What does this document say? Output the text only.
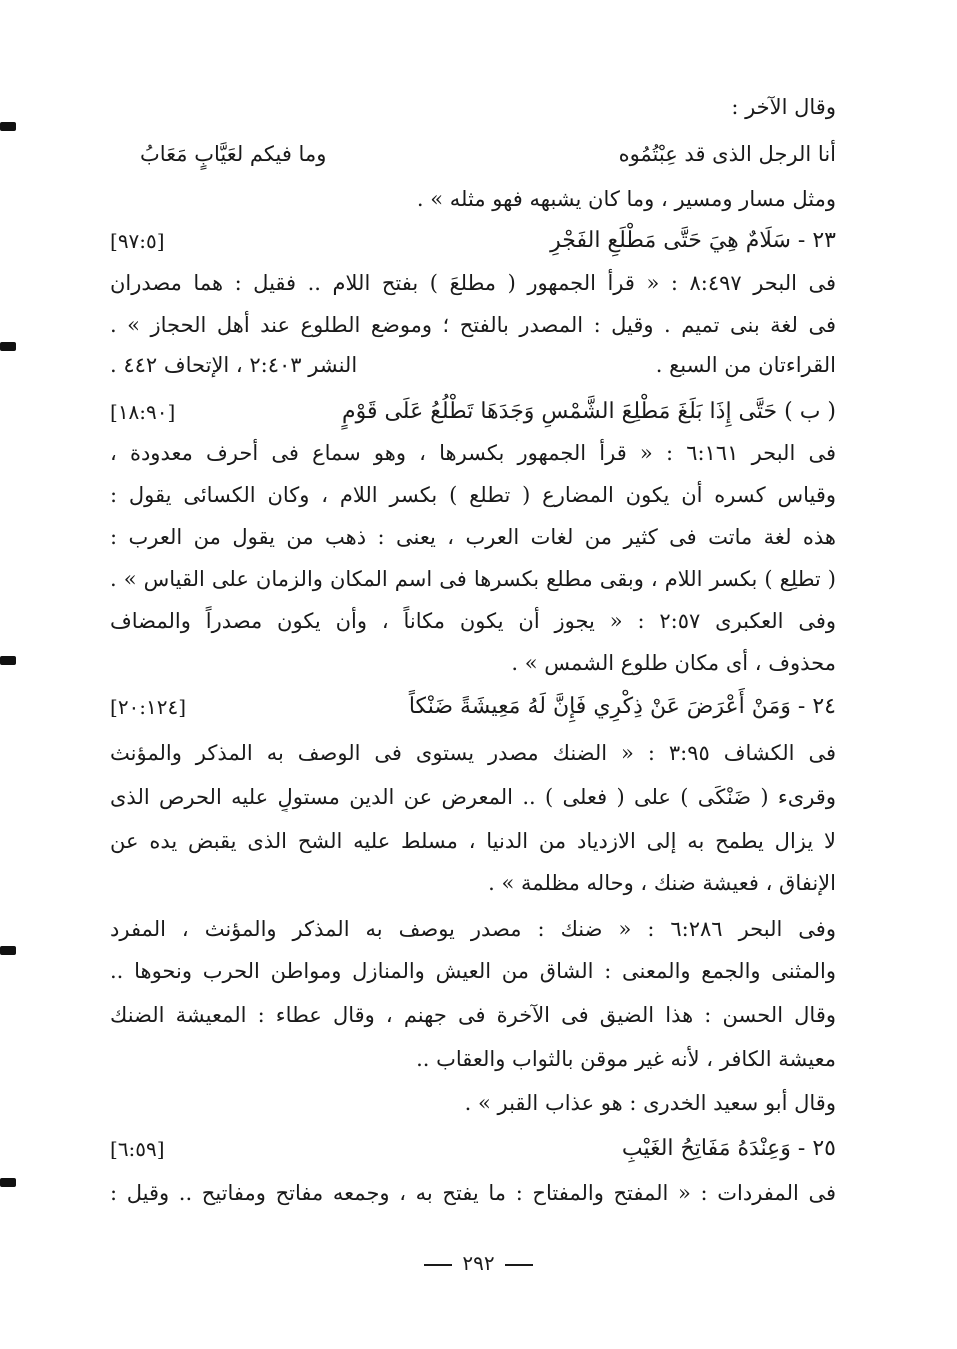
وقال الآخر :
أنا الرجل الذى قد عِبْتُمُوه
وما فيكم لعَيَّابٍ مَعَابُ
ومثل مسار ومسير ، وما كان يشبهه فهو مثله » .
٢٣ - سَلَامٌ هِيَ حَتَّى مَطْلَعِ الفَجْرِ
[٩٧:٥]
فى البحر ٨:٤٩٧ : « قرأ الجمهور ( مطلعَ ) بفتح اللام .. فقيل : هما مصدران
فى لغة بنى تميم . وقيل : المصدر بالفتح ؛ وموضع الطلوع عند أهل الحجاز » .
القراءتان من السبع .
النشر ٢:٤٠٣ ، الإتحاف ٤٤٢ .
( ب ) حَتَّى إِذَا بَلَغَ مَطْلِعَ الشَّمْسِ وَجَدَهَا تَطْلُعُ عَلَى قَوْمٍ
[١٨:٩٠]
فى البحر ٦:١٦١ : « قرأ الجمهور بكسرها ، وهو سماع فى أحرف معدودة ،
وقياس كسره أن يكون المضارع ( تطلع ) بكسر اللام ، وكان الكسائى يقول :
هذه لغة ماتت فى كثير من لغات العرب ، يعنى : ذهب من يقول من العرب :
( تطلِع ) بكسر اللام ، وبقى مطلع بكسرها فى اسم المكان والزمان على القياس » .
وفى العكبرى ٢:٥٧ : « يجوز أن يكون مكاناً ، وأن يكون مصدراً والمضاف
محذوف ، أى مكان طلوع الشمس » .
٢٤ - وَمَنْ أَعْرَضَ عَنْ ذِكْرِي فَإِنَّ لَهُ مَعِيشَةً ضَنْكاً
[٢٠:١٢٤]
فى الكشاف ٣:٩٥ : « الضنك مصدر يستوى فى الوصف به المذكر والمؤنث
وقرىء ( ضَنْكَى ) على ( فعلى ) .. المعرض عن الدين مستولٍ عليه الحرص الذى
لا يزال يطمح به إلى الازدياد من الدنيا ، مسلط عليه الشح الذى يقبض يده عن
الإنفاق ، فعيشة ضنك ، وحاله مظلمة » .
وفى البحر ٦:٢٨٦ : « ضنك : مصدر يوصف به المذكر والمؤنث ، المفرد
والمثنى والجمع والمعنى : الشاق من العيش والمنازل ومواطن الحرب ونحوها ..
وقال الحسن : هذا الضيق فى الآخرة فى جهنم ، وقال عطاء : المعيشة الضنك
معيشة الكافر ، لأنه غير موقن بالثواب والعقاب ..
وقال أبو سعيد الخدرى : هو عذاب القبر » .
٢٥ - وَعِنْدَهُ مَفَاتِحُ الغَيْبِ
[٦:٥٩]
فى المفردات : « المفتح والمفتاح : ما يفتح به ، وجمعه مفاتح ومفاتيح .. وقيل :
٢٩٢
